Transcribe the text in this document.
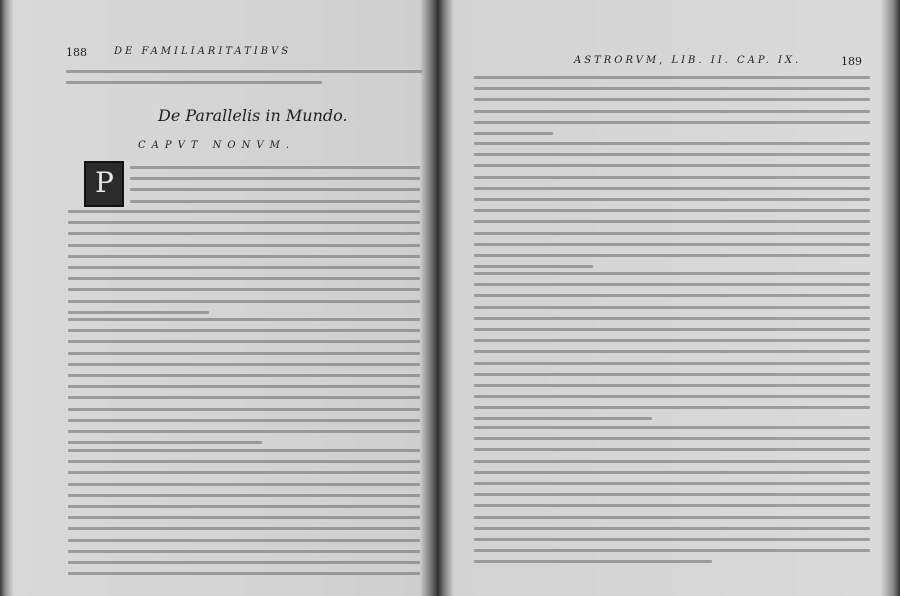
188	DE FAMILIARITATIBVS
De Parallelis in Mundo.
CAPVT NONVM.
P
ASTRORVM, LIB. II. CAP. IX.	189
